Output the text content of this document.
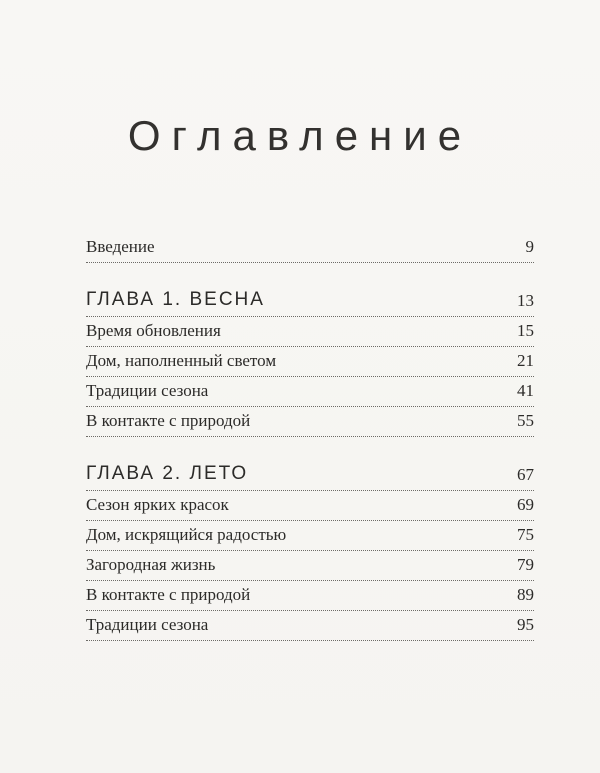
Оглавление
Введение	9
ГЛАВА 1. ВЕСНА	13
Время обновления	15
Дом, наполненный светом	21
Традиции сезона	41
В контакте с природой	55
ГЛАВА 2. ЛЕТО	67
Сезон ярких красок	69
Дом, искрящийся радостью	75
Загородная жизнь	79
В контакте с природой	89
Традиции сезона	95
